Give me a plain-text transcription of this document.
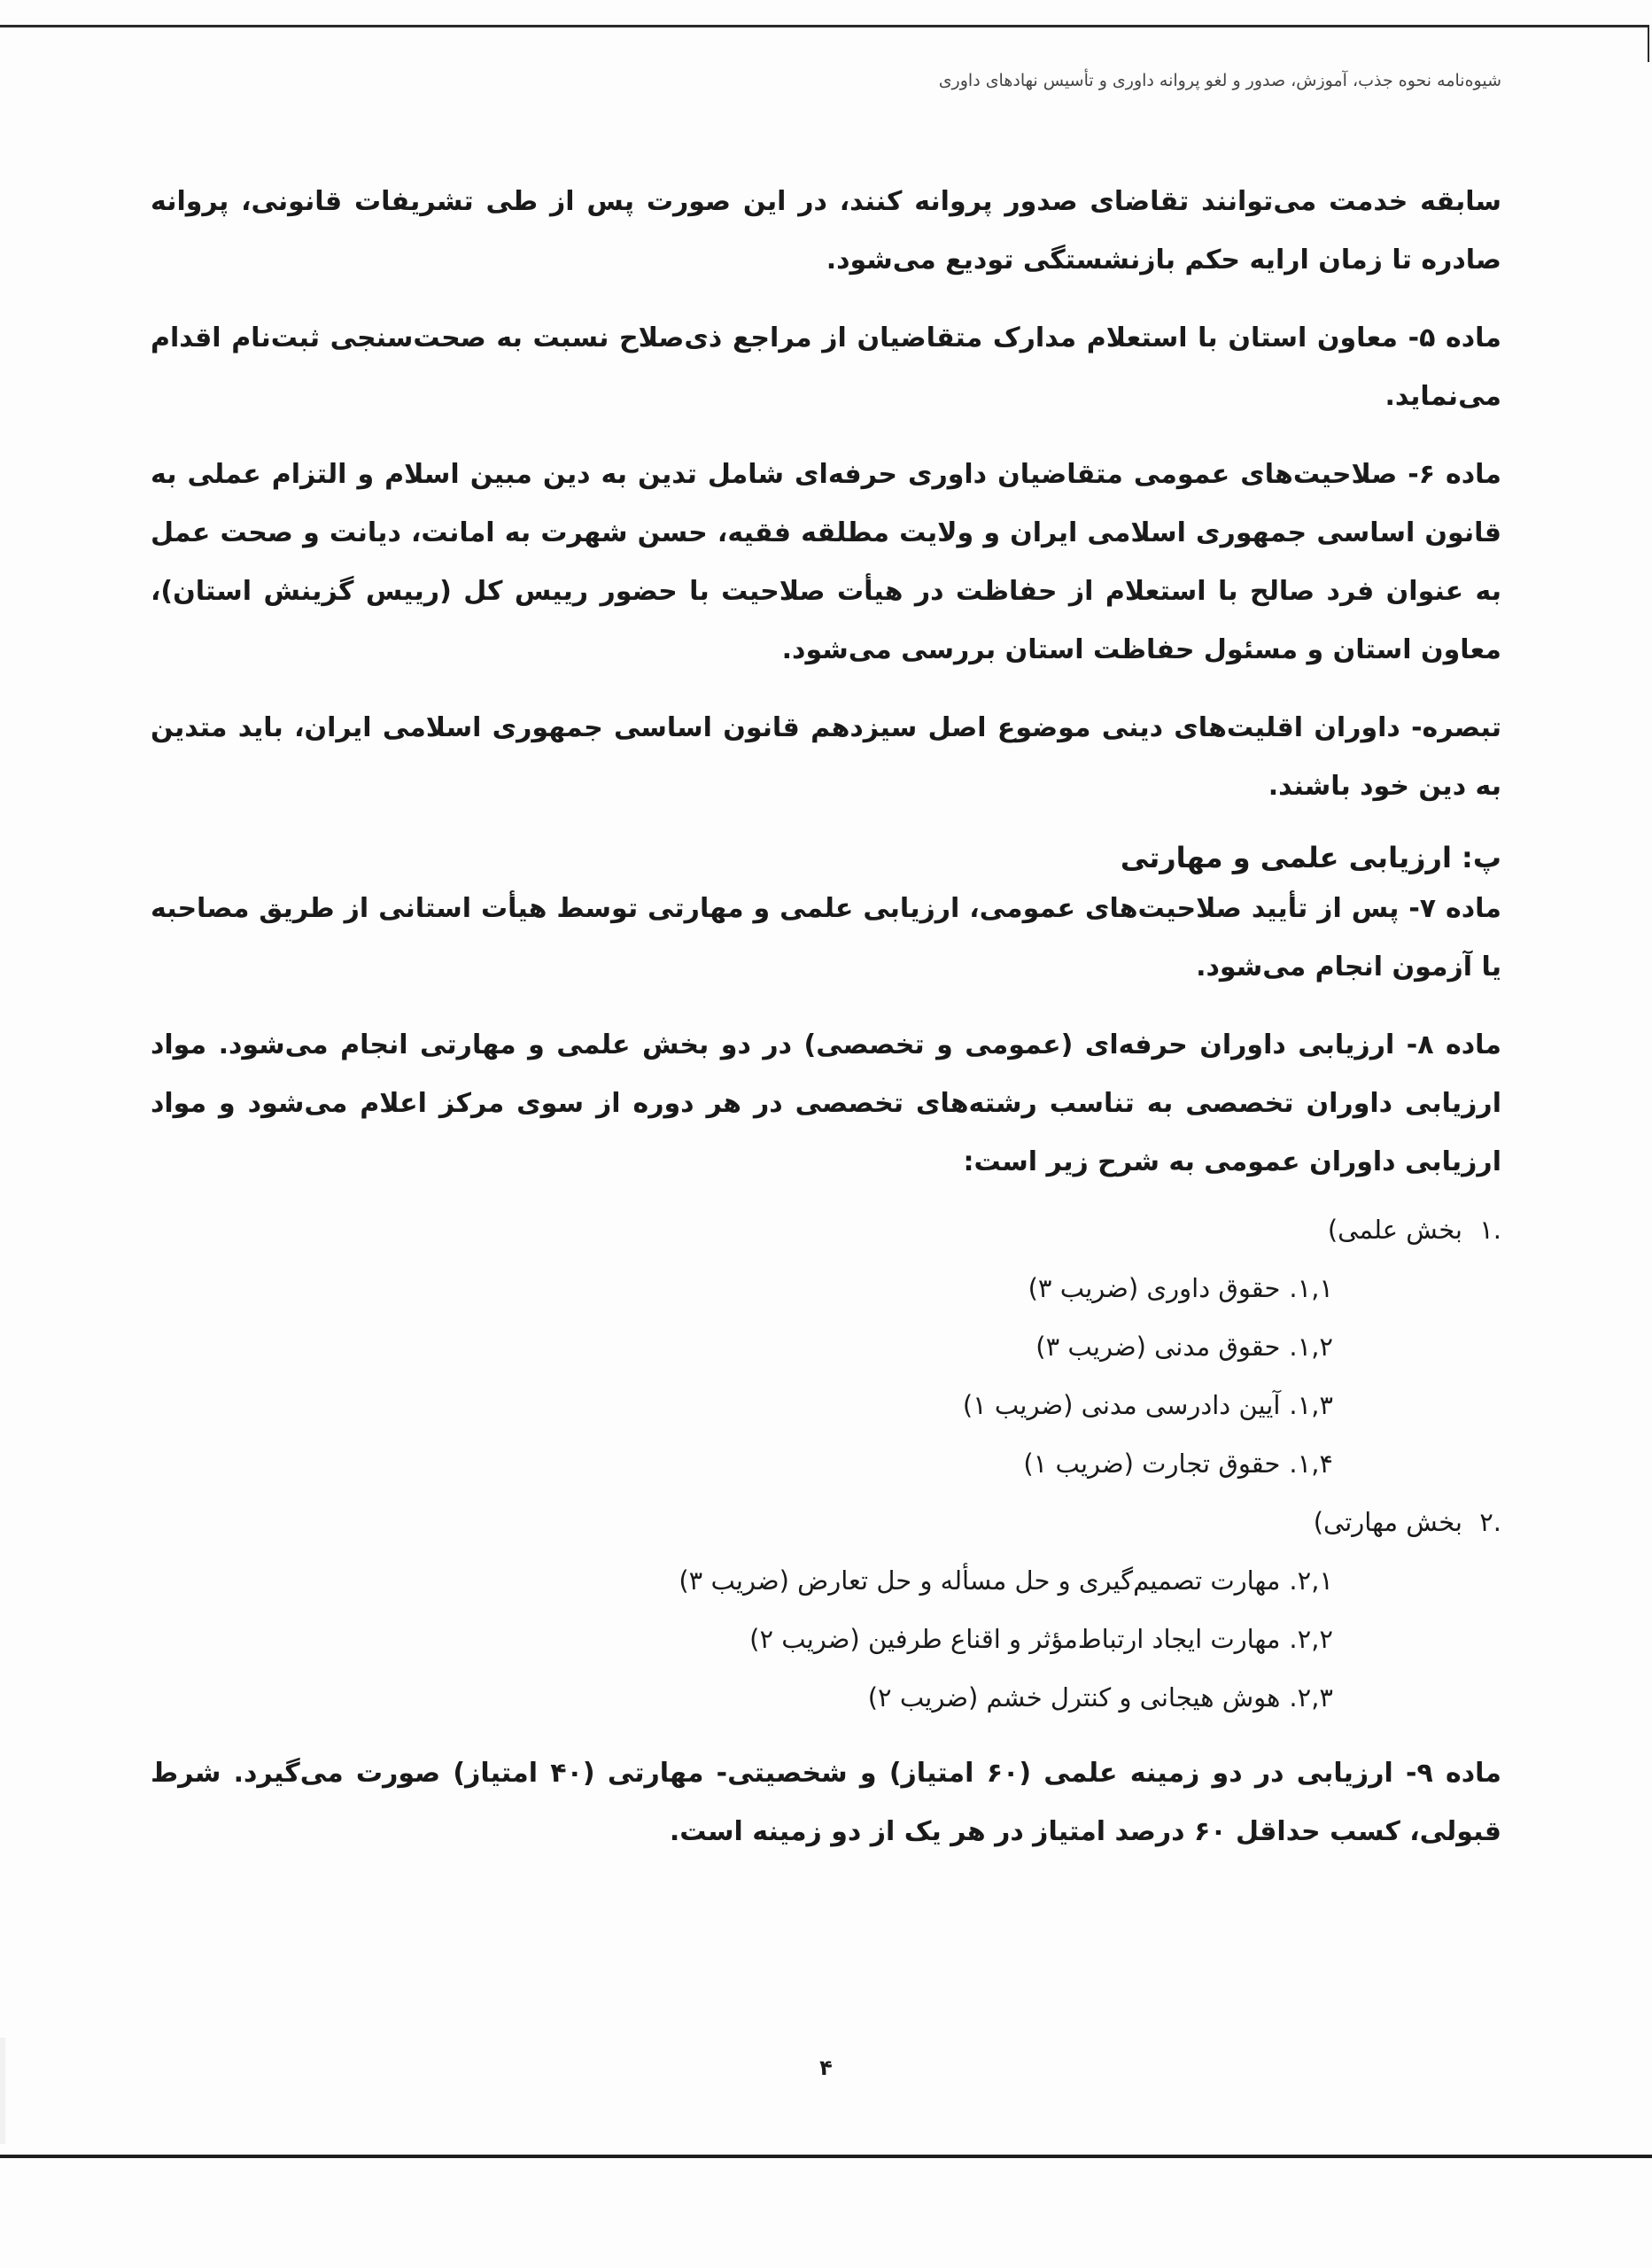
شیوه‌نامه نحوه جذب، آموزش، صدور و لغو پروانه داوری و تأسیس نهادهای داوری

سابقه خدمت می‌توانند تقاضای صدور پروانه کنند، در این صورت پس از طی تشریفات قانونی، پروانه صادره تا زمان ارایه حکم بازنشستگی تودیع می‌شود.

ماده ۵- معاون استان با استعلام مدارک متقاضیان از مراجع ذی‌صلاح نسبت به صحت‌سنجی ثبت‌نام اقدام می‌نماید.

ماده ۶- صلاحیت‌های عمومی متقاضیان داوری حرفه‌ای شامل تدین به دین مبین اسلام و التزام عملی به قانون اساسی جمهوری اسلامی ایران و ولایت مطلقه فقیه، حسن شهرت به امانت، دیانت و صحت عمل به عنوان فرد صالح با استعلام از حفاظت در هیأت صلاحیت با حضور رییس کل (رییس گزینش استان)، معاون استان و مسئول حفاظت استان بررسی می‌شود.

تبصره- داوران اقلیت‌های دینی موضوع اصل سیزدهم قانون اساسی جمهوری اسلامی ایران، باید متدین به دین خود باشند.

پ: ارزیابی علمی و مهارتی

ماده ۷- پس از تأیید صلاحیت‌های عمومی، ارزیابی علمی و مهارتی توسط هیأت استانی از طریق مصاحبه یا آزمون انجام می‌شود.

ماده ۸- ارزیابی داوران حرفه‌ای (عمومی و تخصصی) در دو بخش علمی و مهارتی انجام می‌شود. مواد ارزیابی داوران تخصصی به تناسب رشته‌های تخصصی در هر دوره از سوی مرکز اعلام می‌شود و مواد ارزیابی داوران عمومی به شرح زیر است:

.۱ بخش علمی)
۱,۱.حقوق داوری (ضریب ۳)
۱,۲.حقوق مدنی (ضریب ۳)
۱,۳.آیین دادرسی مدنی (ضریب ۱)
۱,۴.حقوق تجارت (ضریب ۱)
.۲ بخش مهارتی)
۲,۱.مهارت تصمیم‌گیری و حل مسأله و حل تعارض (ضریب ۳)
۲,۲.مهارت ایجاد ارتباط‌مؤثر و اقناع طرفین (ضریب ۲)
۲,۳.هوش هیجانی و کنترل خشم (ضریب ۲)

ماده ۹- ارزیابی در دو زمینه علمی (۶۰ امتیاز) و شخصیتی- مهارتی (۴۰ امتیاز) صورت می‌گیرد. شرط قبولی، کسب حداقل ۶۰ درصد امتیاز در هر یک از دو زمینه است.

۴
